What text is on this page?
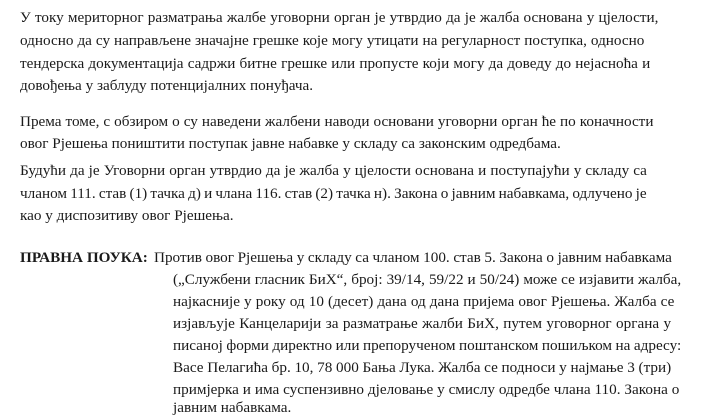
У току мериторног разматрања жалбе уговорни орган је утврдио да је жалба основана у цјелости,
односно да су направљене значајне грешке које могу утицати на регуларност поступка, односно
тендерска документација садржи битне грешке или пропусте који могу да доведу до нејасноћа и
довођења у заблуду потенцијалних понуђача.
Према томе, с обзиром о су наведени жалбени наводи основани уговорни орган ће по коначности
овог Рјешења поништити поступак јавне набавке у складу са законским одредбама.
Будући да је Уговорни орган утврдио да је жалба у цјелости основана и поступајући у складу са
чланом 111. став (1) тачка д) и члана 116. став (2) тачка н). Закона о јавним набавкама, одлучено је
као у диспозитиву овог Рјешења.
ПРАВНА ПОУКА: Против овог Рјешења у складу са чланом 100. став 5. Закона о јавним набавкама
(„Службени гласник БиХ“, број: 39/14, 59/22 и 50/24) може се изјавити жалба,
најкасније у року од 10 (десет) дана од дана пријема овог Рјешења. Жалба се
изјављује Канцеларији за разматрање жалби БиХ, путем уговорног органа у
писаној форми директно или препорученом поштанском пошиљком на адресу:
Васе Пелагића бр. 10, 78 000 Бања Лука. Жалба се подноси у најмање 3 (три)
примјерка и има суспензивно дјеловање у смислу одредбе члана 110. Закона о
јавним набавкама.
